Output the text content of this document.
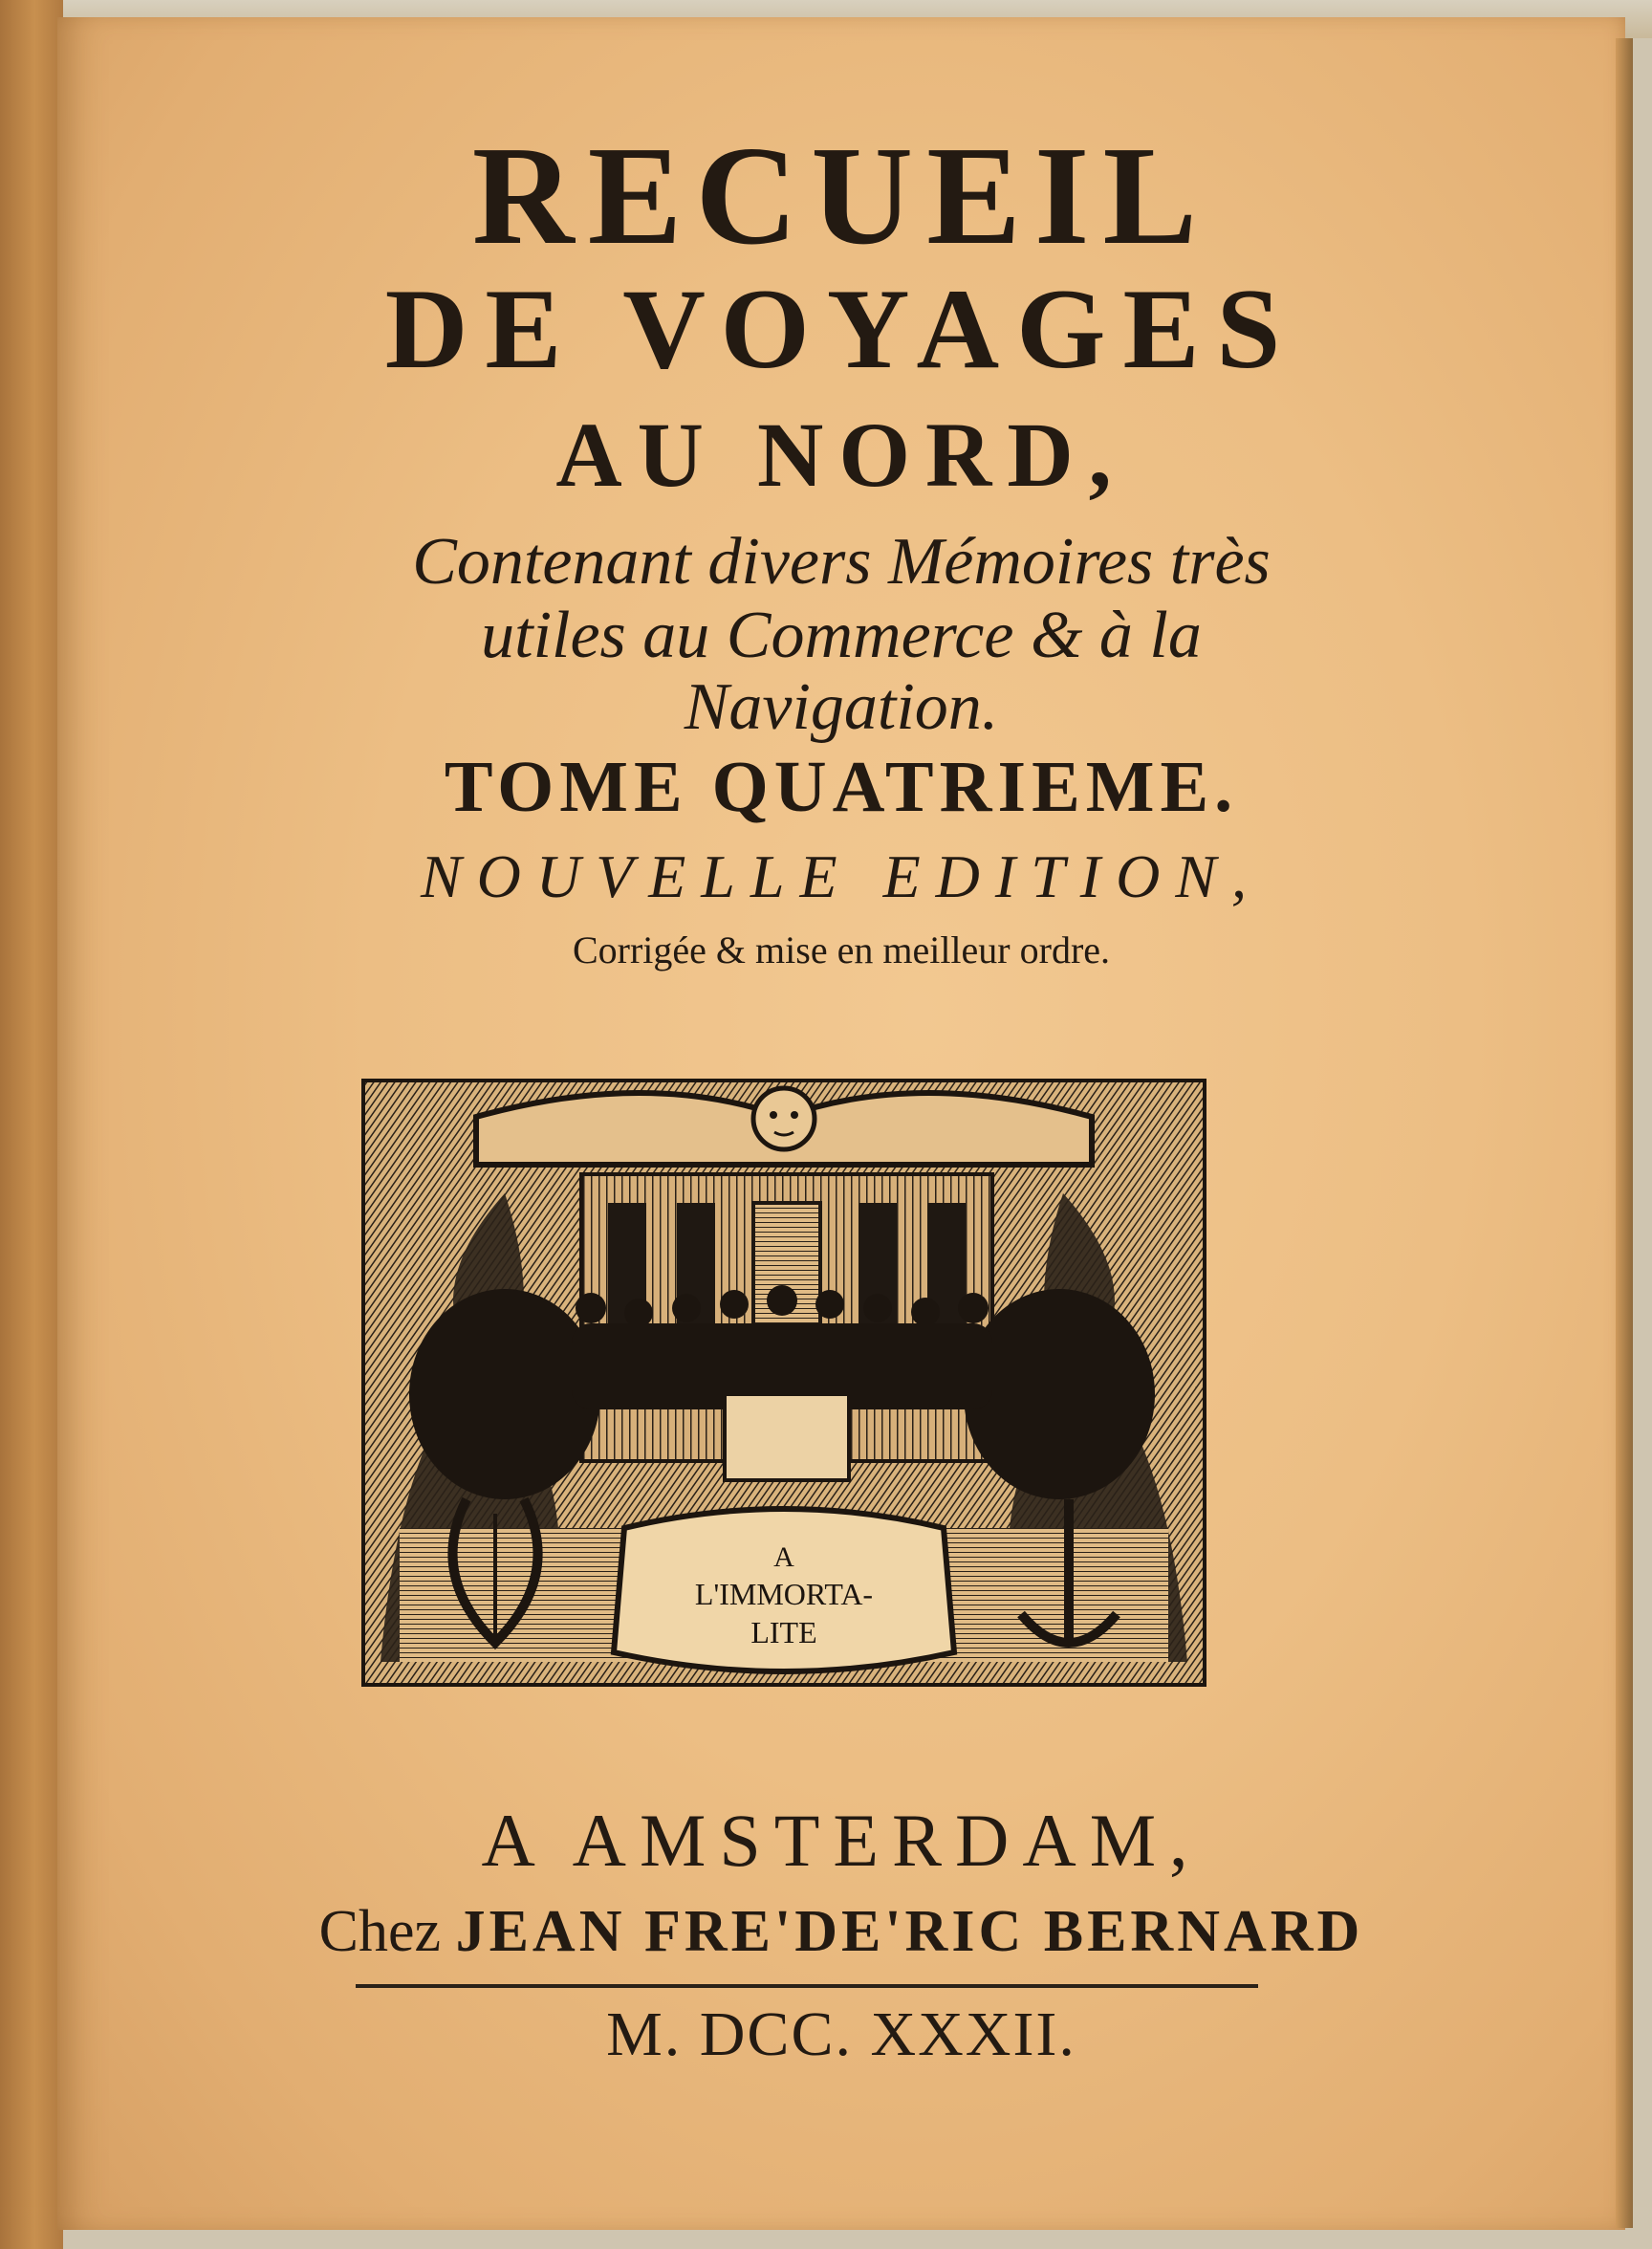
RECUEIL
DE VOYAGES
AU NORD,

Contenant divers Mémoires très

utiles au Commerce & à la

Navigation.

TOME QUATRIEME.

NOUVELLE EDITION,

Corrigée & mise en meilleur ordre.

A
L'IMMORTA-
LITE

A AMSTERDAM,

Chez JEAN FRE'DE'RIC BERNARD

M. DCC. XXXII.
